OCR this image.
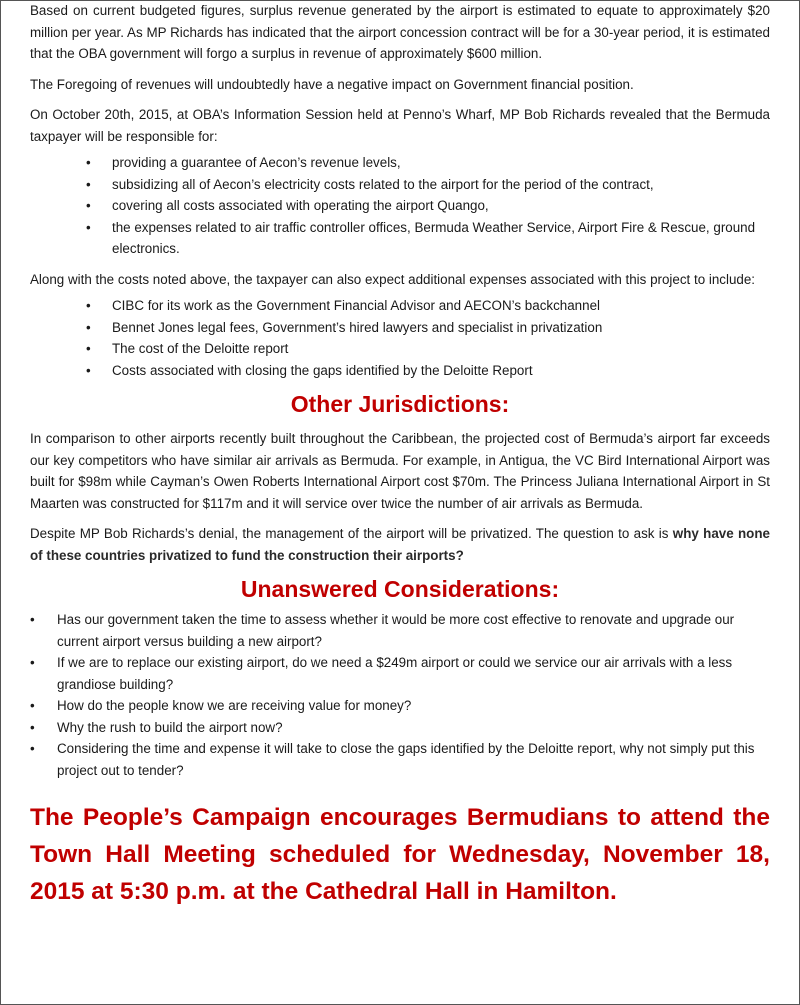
Based on current budgeted figures, surplus revenue generated by the airport is estimated to equate to approximately $20 million per year. As MP Richards has indicated that the airport concession contract will be for a 30-year period, it is estimated that the OBA government will forgo a surplus in revenue of approximately $600 million.

The Foregoing of revenues will undoubtedly have a negative impact on Government financial position.

On October 20th, 2015, at OBA’s Information Session held at Penno’s Wharf, MP Bob Richards revealed that the Bermuda taxpayer will be responsible for:

• providing a guarantee of Aecon’s revenue levels,
• subsidizing all of Aecon’s electricity costs related to the airport for the period of the contract,
• covering all costs associated with operating the airport Quango,
• the expenses related to air traffic controller offices, Bermuda Weather Service, Airport Fire & Rescue, ground electronics.

Along with the costs noted above, the taxpayer can also expect additional expenses associated with this project to include:

• CIBC for its work as the Government Financial Advisor and AECON’s backchannel
• Bennet Jones legal fees, Government’s hired lawyers and specialist in privatization
• The cost of the Deloitte report
• Costs associated with closing the gaps identified by the Deloitte Report
Other Jurisdictions:

In comparison to other airports recently built throughout the Caribbean, the projected cost of Bermuda’s airport far exceeds our key competitors who have similar air arrivals as Bermuda. For example, in Antigua, the VC Bird International Airport was built for $98m while Cayman’s Owen Roberts International Airport cost $70m. The Princess Juliana International Airport in St Maarten was constructed for $117m and it will service over twice the number of air arrivals as Bermuda.

Despite MP Bob Richards’s denial, the management of the airport will be privatized. The question to ask is why have none of these countries privatized to fund the construction their airports?

Unanswered Considerations:
• Has our government taken the time to assess whether it would be more cost effective to renovate and upgrade our current airport versus building a new airport?
• If we are to replace our existing airport, do we need a $249m airport or could we service our air arrivals with a less grandiose building?
• How do the people know we are receiving value for money?
• Why the rush to build the airport now?
• Considering the time and expense it will take to close the gaps identified by the Deloitte report, why not simply put this project out to tender?

The People’s Campaign encourages Bermudians to attend the Town Hall Meeting scheduled for Wednesday, November 18, 2015 at 5:30 p.m. at the Cathedral Hall in Hamilton.
